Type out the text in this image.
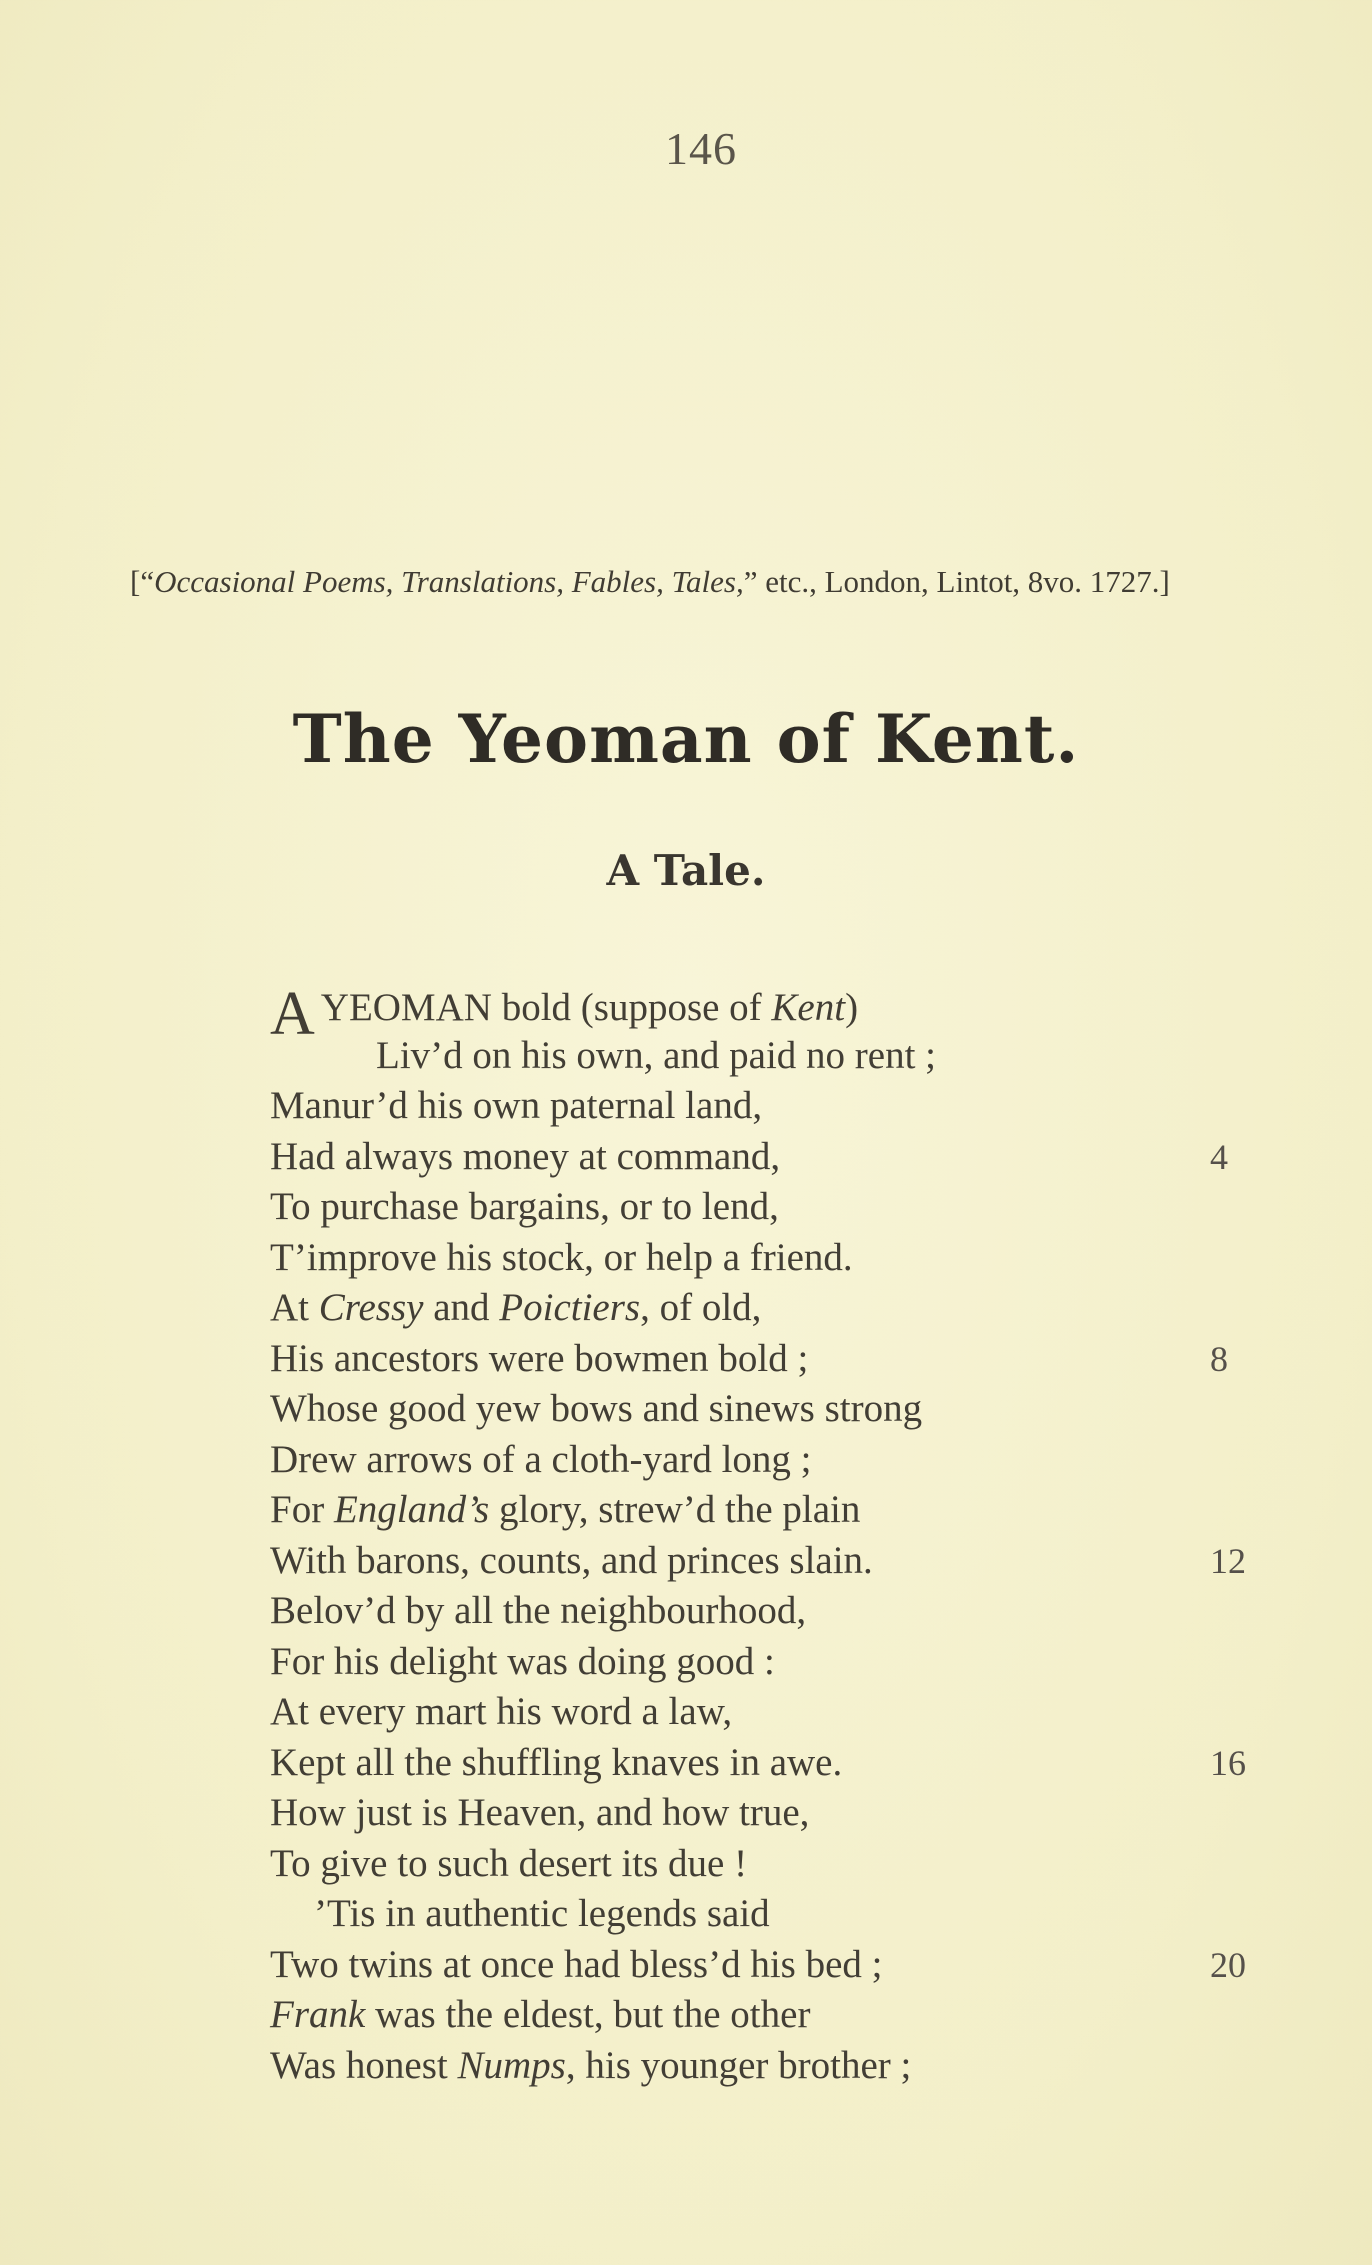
146
[“Occasional Poems, Translations, Fables, Tales,” etc., London, Lintot, 8vo. 1727.]
The Yeoman of Kent.
A Tale.
A YEOMAN bold (suppose of Kent)
Liv’d on his own, and paid no rent ;
Manur’d his own paternal land,
Had always money at command,	4
To purchase bargains, or to lend,
T’improve his stock, or help a friend.
At Cressy and Poictiers, of old,
His ancestors were bowmen bold ;	8
Whose good yew bows and sinews strong
Drew arrows of a cloth-yard long ;
For England’s glory, strew’d the plain
With barons, counts, and princes slain.	12
Belov’d by all the neighbourhood,
For his delight was doing good :
At every mart his word a law,
Kept all the shuffling knaves in awe.	16
How just is Heaven, and how true,
To give to such desert its due !
’Tis in authentic legends said
Two twins at once had bless’d his bed ;	20
Frank was the eldest, but the other
Was honest Numps, his younger brother ;
